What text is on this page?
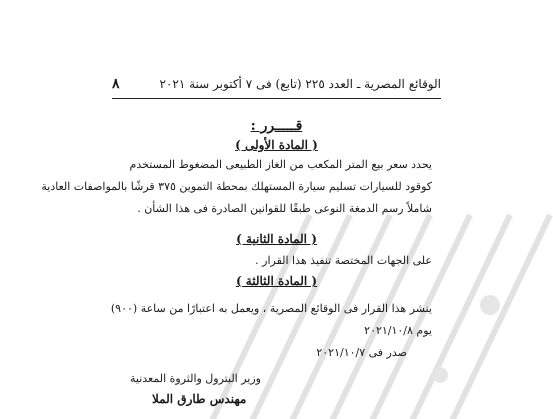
الوقائع المصرية ـ العدد ٢٢٥ (تابع) فى ٧ أكتوبر سنة ٢٠٢١
٨
قـــــرر :
( المادة الأولى )
يحدد سعر بيع المتر المكعب من الغاز الطبيعى المضغوط المستخدم
كوقود للسيارات تسليم سيارة المستهلك بمحطة التموين ٣٧٥ قرشًا بالمواصفات العادية
شاملاً رسم الدمغة النوعى طبقًا للقوانين الصادرة فى هذا الشأن .
( المادة الثانية )
على الجهات المختصة تنفيذ هذا القرار .
( المادة الثالثة )
ينشر هذا القرار فى الوقائع المصرية ، ويعمل به اعتبارًا من ساعة (٩٠٠)
يوم ٢٠٢١/١٠/٨
صدر فى ٢٠٢١/١٠/٧
وزير البترول والثروة المعدنية
مهندس طارق الملا
